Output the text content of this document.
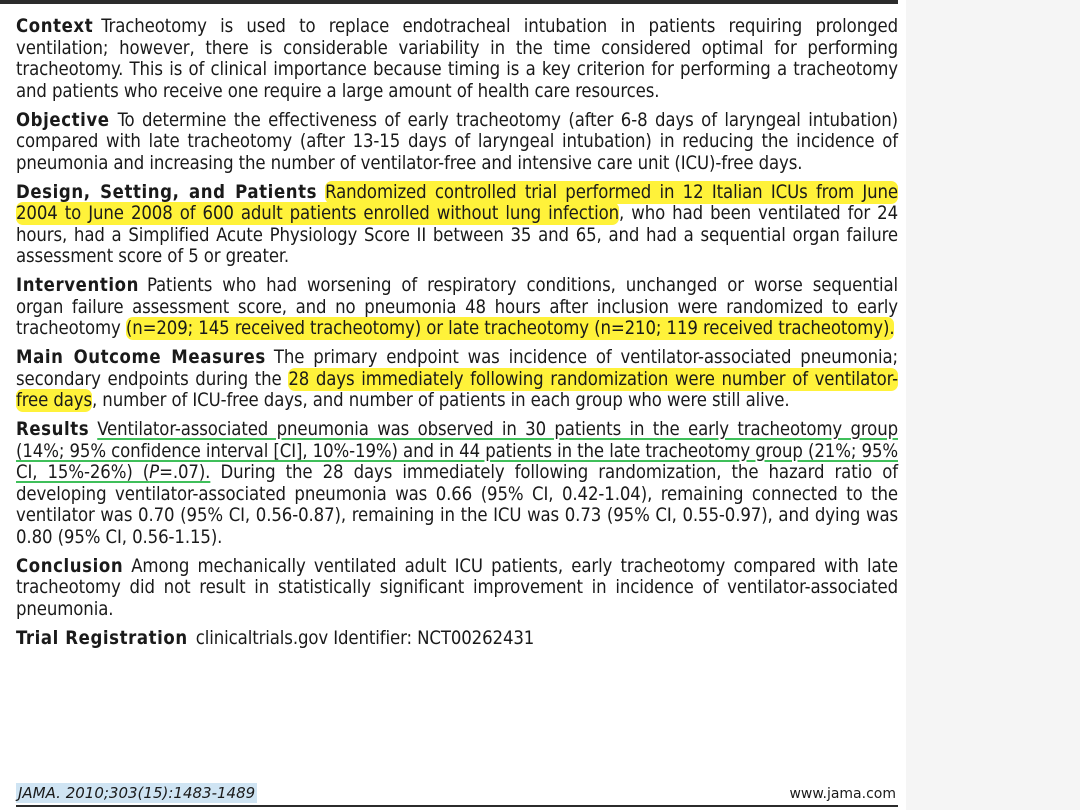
Context Tracheotomy is used to replace endotracheal intubation in patients requiring prolonged ventilation; however, there is considerable variability in the time considered optimal for performing tracheotomy. This is of clinical importance because timing is a key criterion for performing a tracheotomy and patients who receive one require a large amount of health care resources.

Objective To determine the effectiveness of early tracheotomy (after 6-8 days of laryngeal intubation) compared with late tracheotomy (after 13-15 days of laryngeal intubation) in reducing the incidence of pneumonia and increasing the number of ventilator-free and intensive care unit (ICU)-free days.

Design, Setting, and Patients Randomized controlled trial performed in 12 Italian ICUs from June 2004 to June 2008 of 600 adult patients enrolled without lung infection, who had been ventilated for 24 hours, had a Simplified Acute Physiology Score II between 35 and 65, and had a sequential organ failure assessment score of 5 or greater.

Intervention Patients who had worsening of respiratory conditions, unchanged or worse sequential organ failure assessment score, and no pneumonia 48 hours after inclusion were randomized to early tracheotomy (n=209; 145 received tracheotomy) or late tracheotomy (n=210; 119 received tracheotomy).

Main Outcome Measures The primary endpoint was incidence of ventilator-associated pneumonia; secondary endpoints during the 28 days immediately following randomization were number of ventilator-free days, number of ICU-free days, and number of patients in each group who were still alive.

Results Ventilator-associated pneumonia was observed in 30 patients in the early tracheotomy group (14%; 95% confidence interval [CI], 10%-19%) and in 44 patients in the late tracheotomy group (21%; 95% CI, 15%-26%) (P=.07). During the 28 days immediately following randomization, the hazard ratio of developing ventilator-associated pneumonia was 0.66 (95% CI, 0.42-1.04), remaining connected to the ventilator was 0.70 (95% CI, 0.56-0.87), remaining in the ICU was 0.73 (95% CI, 0.55-0.97), and dying was 0.80 (95% CI, 0.56-1.15).

Conclusion Among mechanically ventilated adult ICU patients, early tracheotomy compared with late tracheotomy did not result in statistically significant improvement in incidence of ventilator-associated pneumonia.

Trial Registration clinicaltrials.gov Identifier: NCT00262431

JAMA. 2010;303(15):1483-1489	www.jama.com
